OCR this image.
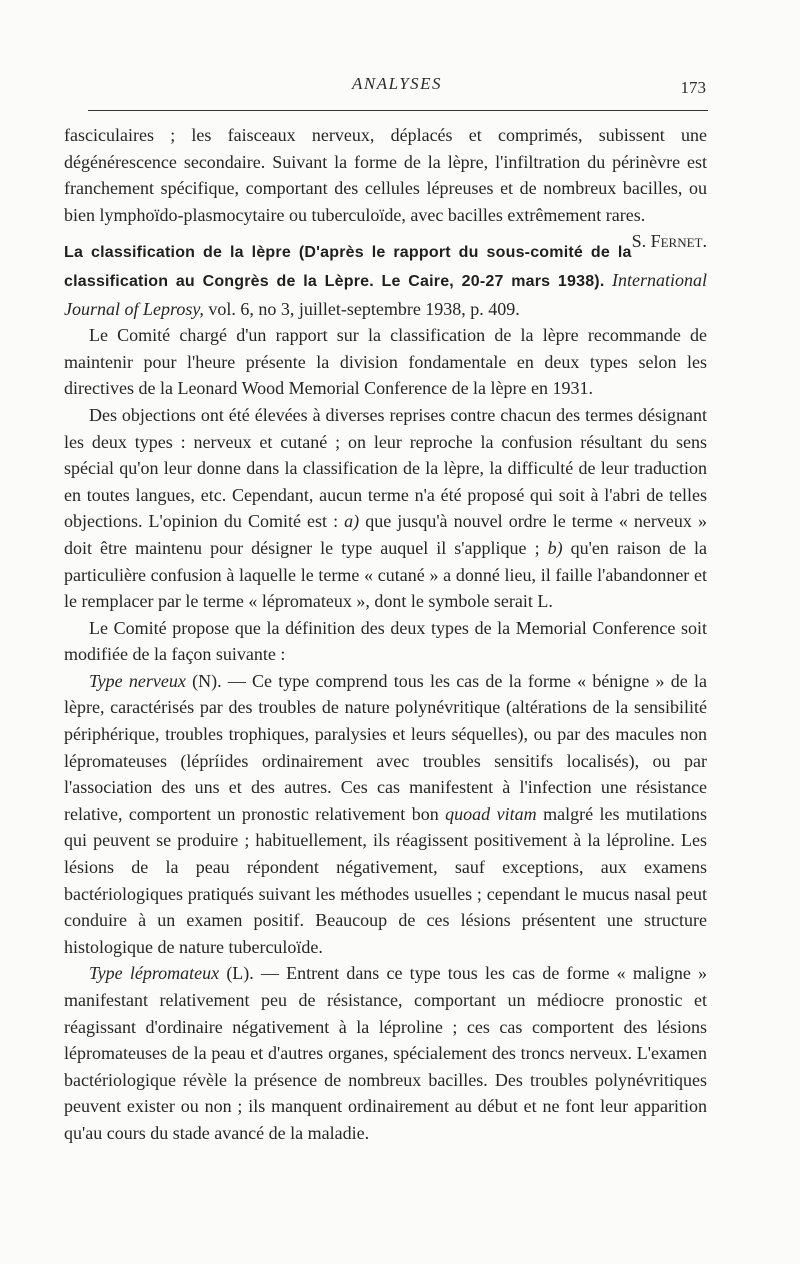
ANALYSES	173

fasciculaires ; les faisceaux nerveux, déplacés et comprimés, subissent une dégénérescence secondaire. Suivant la forme de la lèpre, l'infiltration du périnèvre est franchement spécifique, comportant des cellules lépreuses et de nombreux bacilles, ou bien lymphoïdo-plasmocytaire ou tuberculoïde, avec bacilles extrêmement rares.
S. Fernet.

La classification de la lèpre (D'après le rapport du sous-comité de la classification au Congrès de la Lèpre. Le Caire, 20-27 mars 1938). International Journal of Leprosy, vol. 6, no 3, juillet-septembre 1938, p. 409.

Le Comité chargé d'un rapport sur la classification de la lèpre recommande de maintenir pour l'heure présente la division fondamentale en deux types selon les directives de la Leonard Wood Memorial Conference de la lèpre en 1931.

Des objections ont été élevées à diverses reprises contre chacun des termes désignant les deux types : nerveux et cutané ; on leur reproche la confusion résultant du sens spécial qu'on leur donne dans la classification de la lèpre, la difficulté de leur traduction en toutes langues, etc. Cependant, aucun terme n'a été proposé qui soit à l'abri de telles objections. L'opinion du Comité est : a) que jusqu'à nouvel ordre le terme « nerveux » doit être maintenu pour désigner le type auquel il s'applique ; b) qu'en raison de la particulière confusion à laquelle le terme « cutané » a donné lieu, il faille l'abandonner et le remplacer par le terme « lépromateux », dont le symbole serait L.

Le Comité propose que la définition des deux types de la Memorial Conference soit modifiée de la façon suivante :

Type nerveux (N). — Ce type comprend tous les cas de la forme « bénigne » de la lèpre, caractérisés par des troubles de nature polynévritique (altérations de la sensibilité périphérique, troubles trophiques, paralysies et leurs séquelles), ou par des macules non lépromateuses (lépríides ordinairement avec troubles sensitifs localisés), ou par l'association des uns et des autres. Ces cas manifestent à l'infection une résistance relative, comportent un pronostic relativement bon quoad vitam malgré les mutilations qui peuvent se produire ; habituellement, ils réagissent positivement à la léproline. Les lésions de la peau répondent négativement, sauf exceptions, aux examens bactériologiques pratiqués suivant les méthodes usuelles ; cependant le mucus nasal peut conduire à un examen positif. Beaucoup de ces lésions présentent une structure histologique de nature tuberculoïde.

Type lépromateux (L). — Entrent dans ce type tous les cas de forme « maligne » manifestant relativement peu de résistance, comportant un médiocre pronostic et réagissant d'ordinaire négativement à la léproline ; ces cas comportent des lésions lépromateuses de la peau et d'autres organes, spécialement des troncs nerveux. L'examen bactériologique révèle la présence de nombreux bacilles. Des troubles polynévritiques peuvent exister ou non ; ils manquent ordinairement au début et ne font leur apparition qu'au cours du stade avancé de la maladie.
